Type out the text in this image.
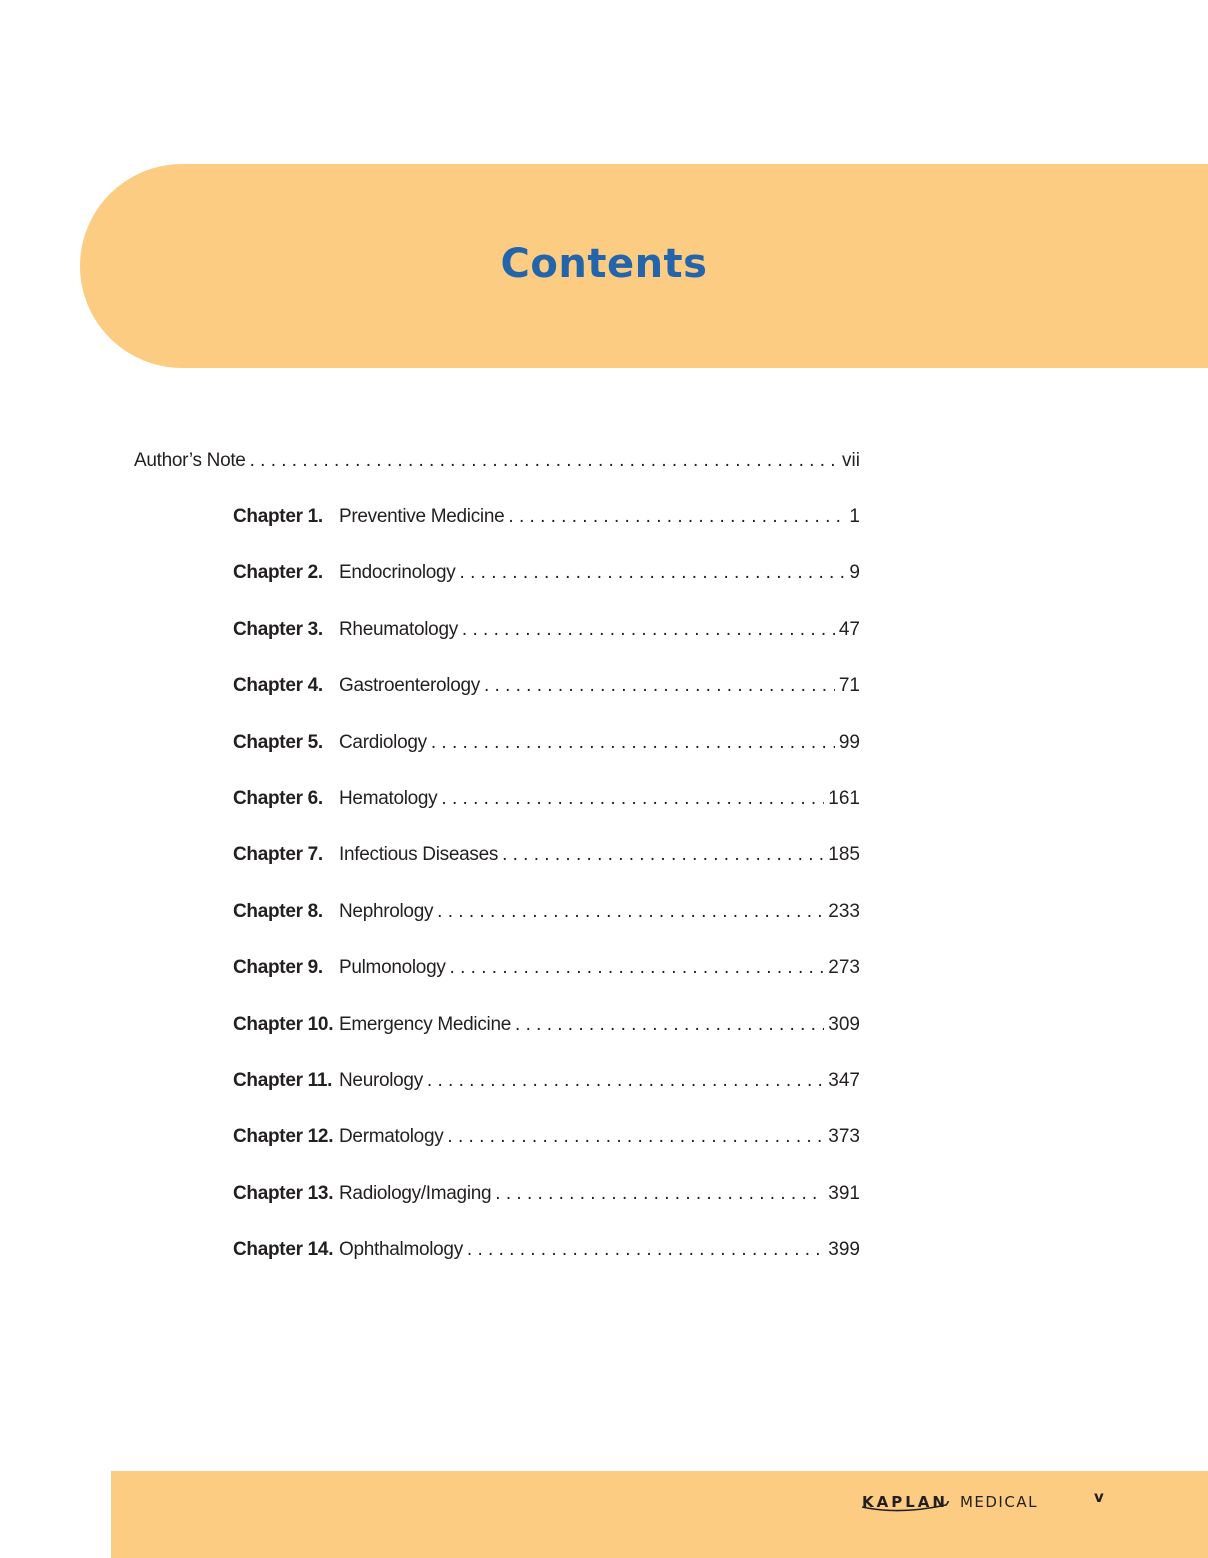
Contents
Author’s Note . . .	vii
Chapter 1. Preventive Medicine . . .	1
Chapter 2. Endocrinology . . .	9
Chapter 3. Rheumatology . . .	47
Chapter 4. Gastroenterology . . .	71
Chapter 5. Cardiology . . .	99
Chapter 6. Hematology . . .	161
Chapter 7. Infectious Diseases . . .	185
Chapter 8. Nephrology . . .	233
Chapter 9. Pulmonology . . .	273
Chapter 10. Emergency Medicine . . .	309
Chapter 11. Neurology . . .	347
Chapter 12. Dermatology . . .	373
Chapter 13. Radiology/Imaging . . .	391
Chapter 14. Ophthalmology . . .	399
KAPLAN MEDICAL	v
